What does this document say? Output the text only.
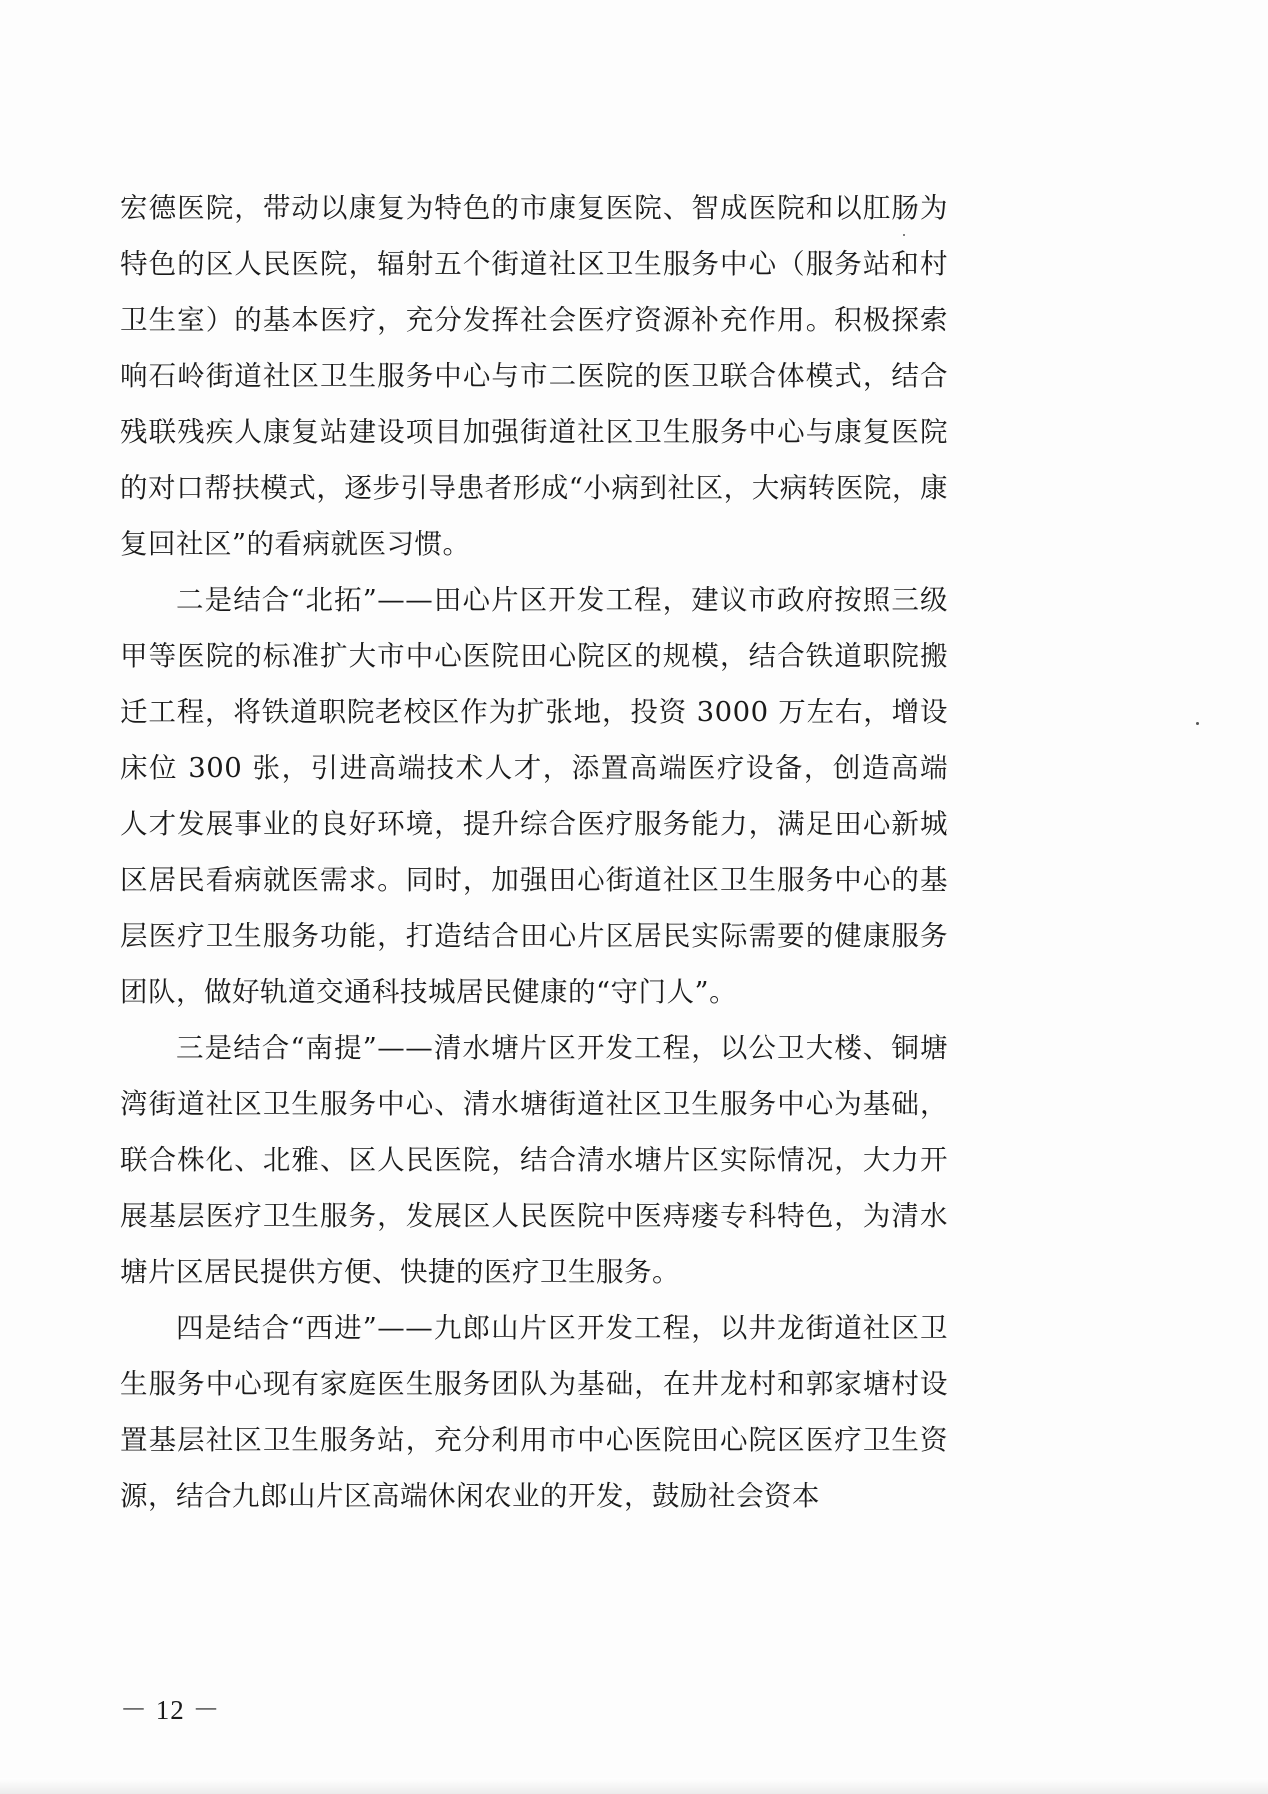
宏德医院，带动以康复为特色的市康复医院、智成医院和以肛肠为特色的区人民医院，辐射五个街道社区卫生服务中心（服务站和村卫生室）的基本医疗，充分发挥社会医疗资源补充作用。积极探索响石岭街道社区卫生服务中心与市二医院的医卫联合体模式，结合残联残疾人康复站建设项目加强街道社区卫生服务中心与康复医院的对口帮扶模式，逐步引导患者形成“小病到社区，大病转医院，康复回社区”的看病就医习惯。

二是结合“北拓”——田心片区开发工程，建议市政府按照三级甲等医院的标准扩大市中心医院田心院区的规模，结合铁道职院搬迁工程，将铁道职院老校区作为扩张地，投资 3000 万左右，增设床位 300 张，引进高端技术人才，添置高端医疗设备，创造高端人才发展事业的良好环境，提升综合医疗服务能力，满足田心新城区居民看病就医需求。同时，加强田心街道社区卫生服务中心的基层医疗卫生服务功能，打造结合田心片区居民实际需要的健康服务团队，做好轨道交通科技城居民健康的“守门人”。

三是结合“南提”——清水塘片区开发工程，以公卫大楼、铜塘湾街道社区卫生服务中心、清水塘街道社区卫生服务中心为基础，联合株化、北雅、区人民医院，结合清水塘片区实际情况，大力开展基层医疗卫生服务，发展区人民医院中医痔瘘专科特色，为清水塘片区居民提供方便、快捷的医疗卫生服务。

四是结合“西进”——九郎山片区开发工程，以井龙街道社区卫生服务中心现有家庭医生服务团队为基础，在井龙村和郭家塘村设置基层社区卫生服务站，充分利用市中心医院田心院区医疗卫生资源，结合九郎山片区高端休闲农业的开发，鼓励社会资本

－ 12 －
